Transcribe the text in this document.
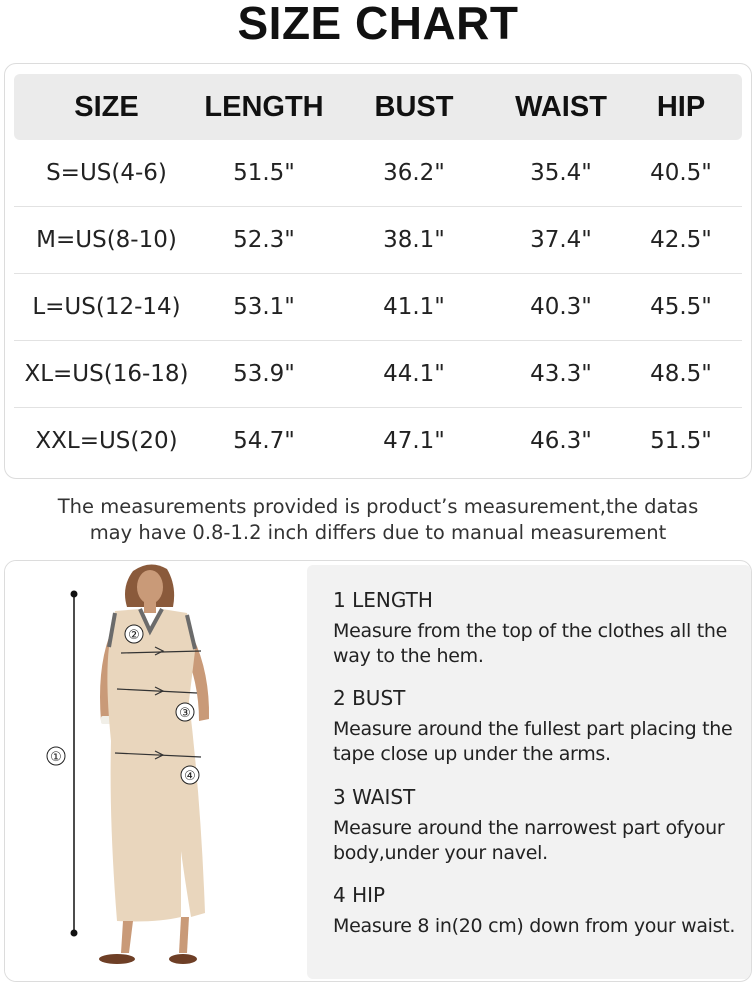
SIZE CHART
SIZE	LENGTH	BUST	WAIST	HIP
S=US(4-6)	51.5"	36.2"	35.4"	40.5"
M=US(8-10)	52.3"	38.1"	37.4"	42.5"
L=US(12-14)	53.1"	41.1"	40.3"	45.5"
XL=US(16-18)	53.9"	44.1"	43.3"	48.5"
XXL=US(20)	54.7"	47.1"	46.3"	51.5"
The measurements provided is product’s measurement,the datas
may have 0.8-1.2 inch differs due to manual measurement
①
②
③
④
1 LENGTH
Measure from the top of the clothes all the way to the hem.
2 BUST
Measure around the fullest part placing the tape close up under the arms.
3 WAIST
Measure around the narrowest part ofyour body,under your navel.
4 HIP
Measure 8 in(20 cm) down from your waist.
